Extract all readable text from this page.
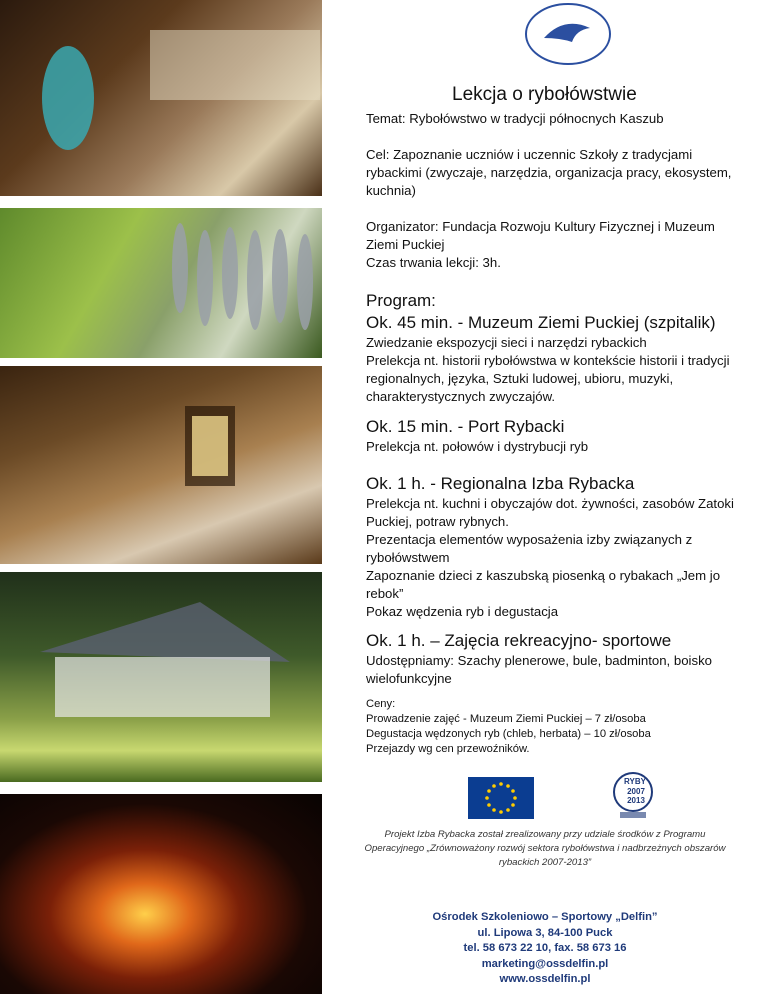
Lekcja o rybołówstwie
Temat: Rybołówstwo w tradycji północnych Kaszub
Cel: Zapoznanie uczniów i uczennic Szkoły z tradycjami rybackimi (zwyczaje, narzędzia, organizacja pracy, ekosystem, kuchnia)
Organizator: Fundacja Rozwoju Kultury Fizycznej i Muzeum Ziemi Puckiej
Czas trwania lekcji: 3h.
Program:
Ok. 45 min. - Muzeum Ziemi Puckiej (szpitalik)
Zwiedzanie ekspozycji sieci i narzędzi rybackich
Prelekcja nt. historii rybołówstwa w kontekście historii i tradycji regionalnych, języka, Sztuki ludowej, ubioru, muzyki, charakterystycznych zwyczajów.
Ok. 15 min. - Port Rybacki
Prelekcja nt. połowów i dystrybucji ryb
Ok. 1 h. - Regionalna Izba Rybacka
Prelekcja nt. kuchni i obyczajów dot. żywności, zasobów Zatoki Puckiej, potraw rybnych.
Prezentacja elementów wyposażenia izby związanych z rybołówstwem
Zapoznanie dzieci z kaszubską piosenką o rybakach „Jem jo rebok”
Pokaz wędzenia ryb i degustacja
Ok. 1 h. – Zajęcia rekreacyjno- sportowe
Udostępniamy: Szachy plenerowe, bule, badminton, boisko wielofunkcyjne
Ceny:
Prowadzenie zajęć - Muzeum Ziemi Puckiej – 7 zł/osoba
Degustacja wędzonych ryb (chleb, herbata) – 10 zł/osoba
Przejazdy wg cen przewoźników.
RYBY
2007
2013
Projekt Izba Rybacka został zrealizowany przy udziale środków z Programu Operacyjnego „Zrównoważony rozwój sektora rybołówstwa i nadbrzeżnych obszarów rybackich 2007-2013”
Ośrodek Szkoleniowo – Sportowy „Delfin”
ul. Lipowa 3, 84-100 Puck
tel. 58 673 22 10, fax. 58 673 16
marketing@ossdelfin.pl
www.ossdelfin.pl
